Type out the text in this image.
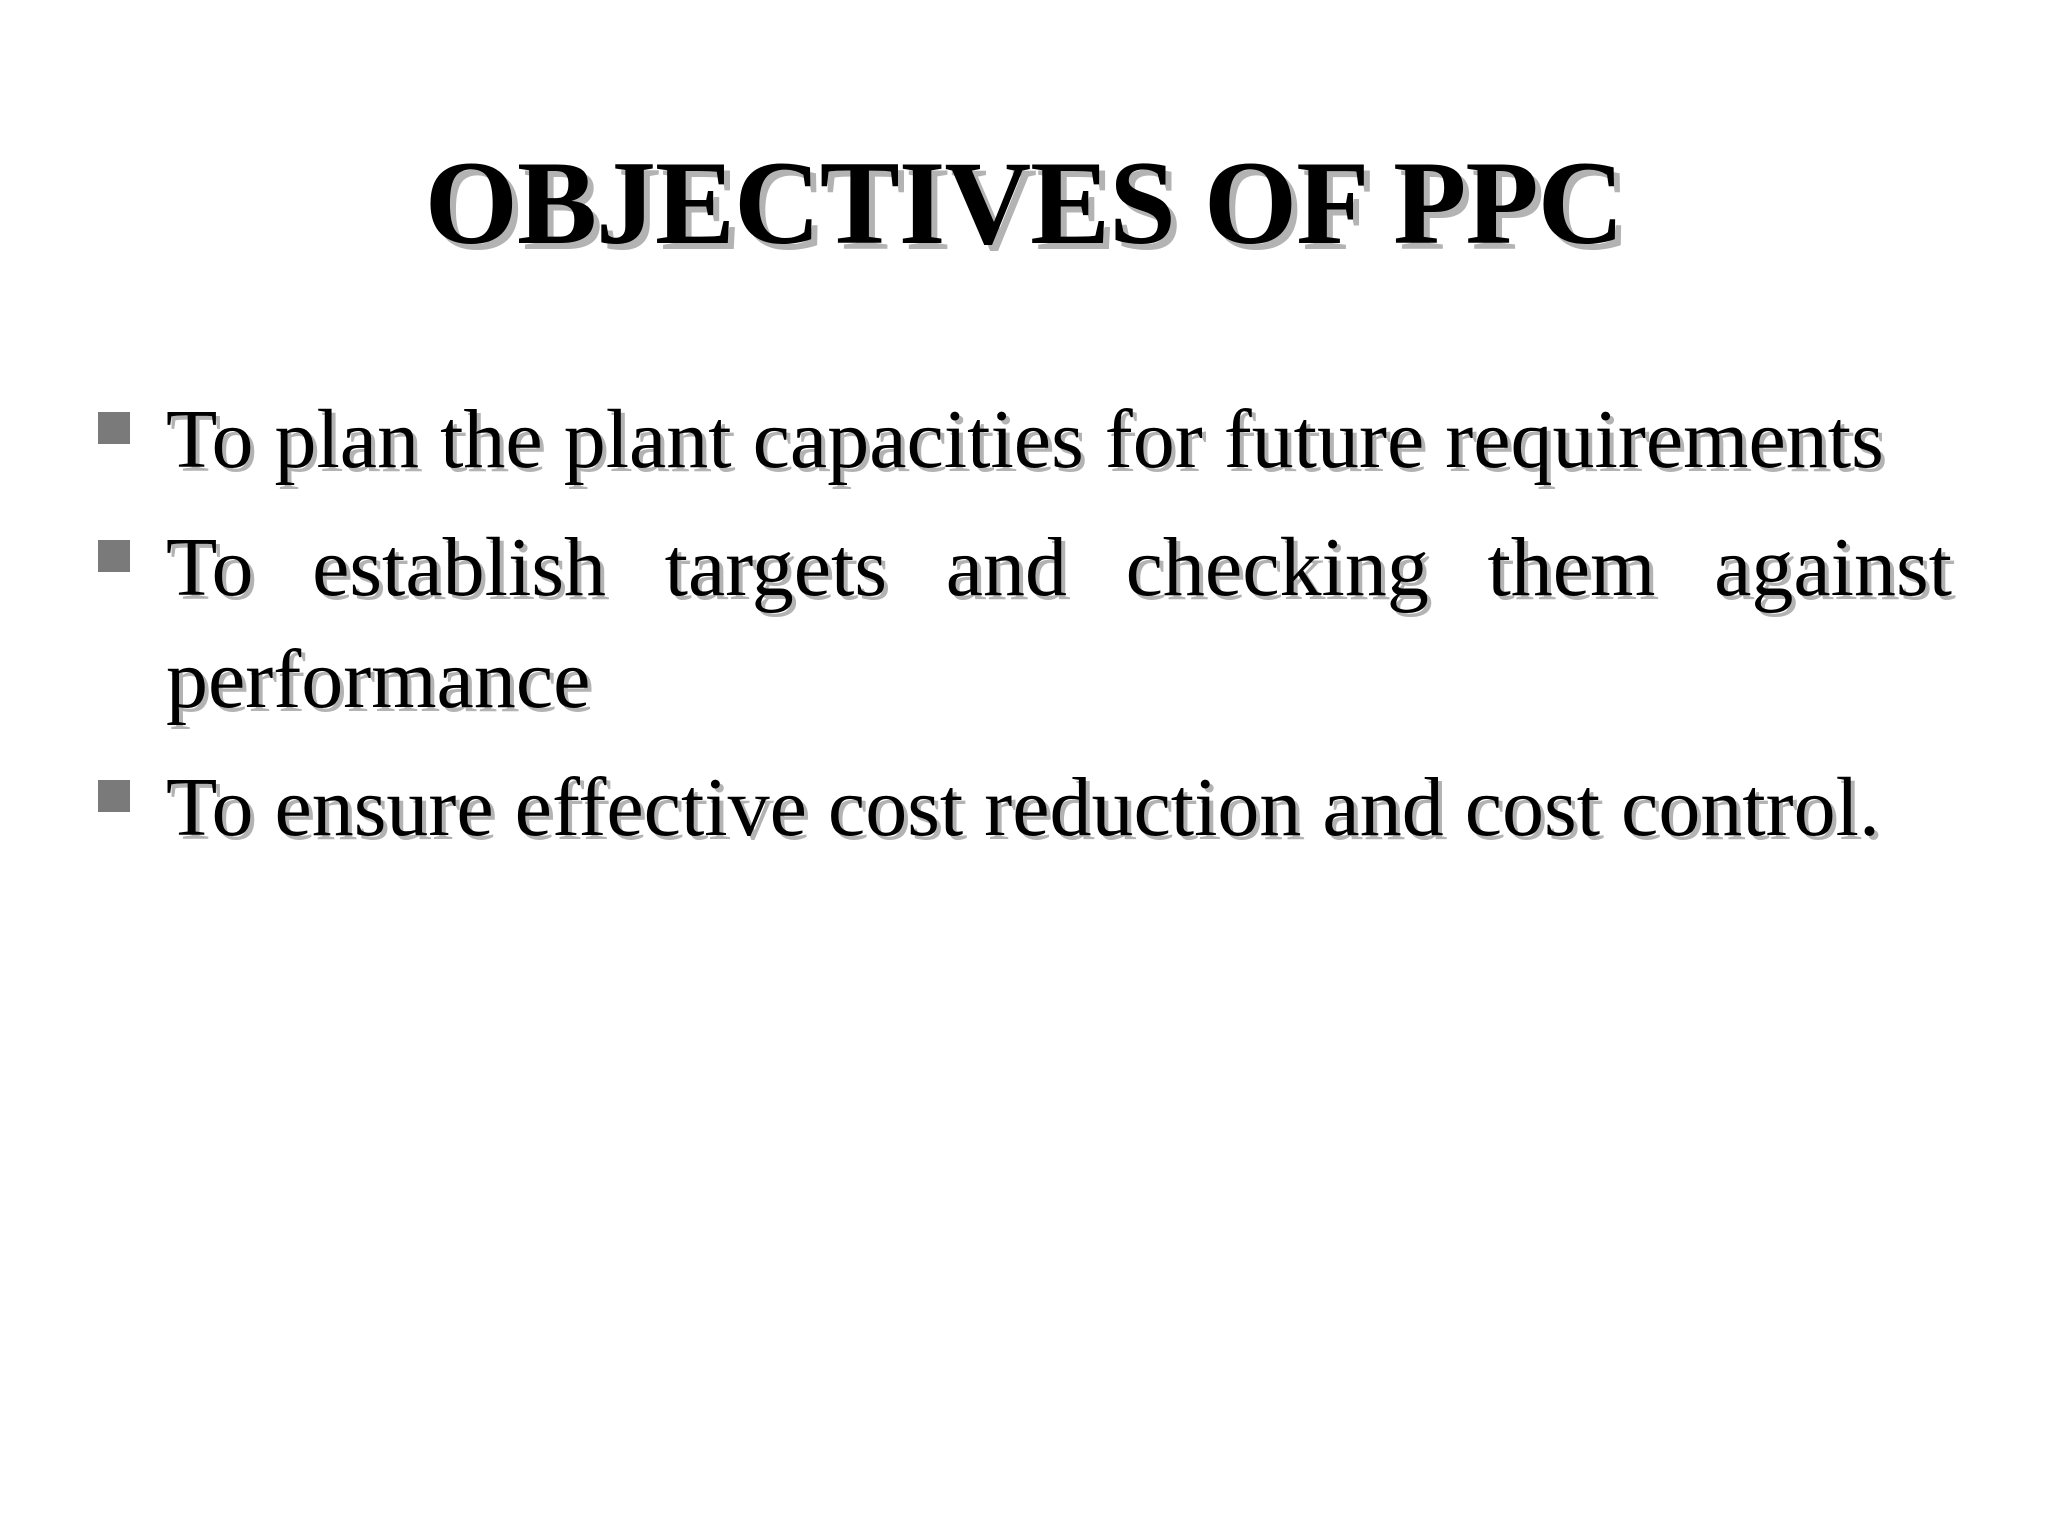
OBJECTIVES OF PPC
To plan the plant capacities for future requirements
To establish targets and checking them against performance
To ensure effective cost reduction and cost control.
